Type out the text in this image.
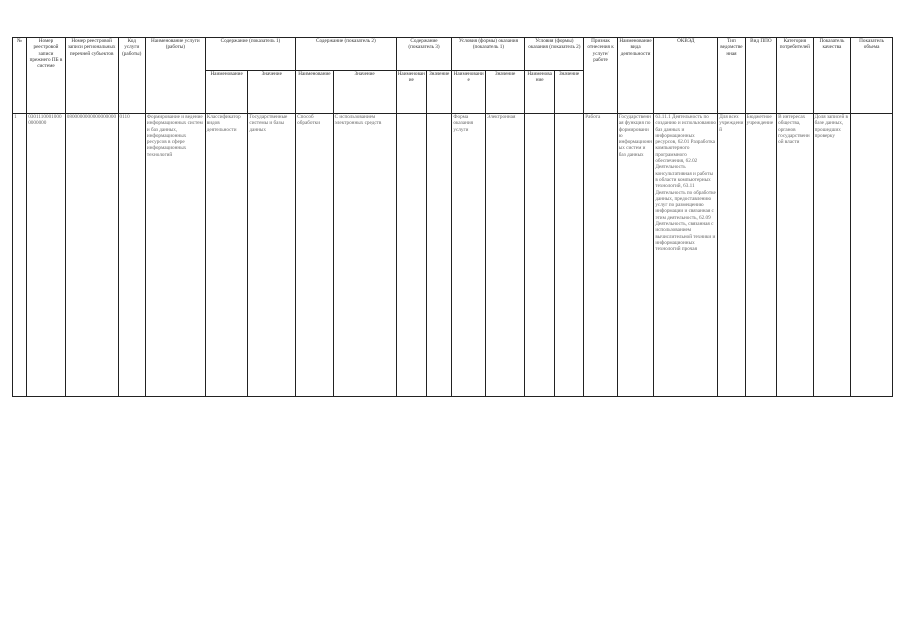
№	Номер реестровой записи прежнего ПБ в системе	Номер реестровой записи региональных перечней субъектов	Код услуги (работы)	Наименование услуги (работы)	Содержание (показатель 1)		Содержание (показатель 2)		Содержание (показатель 3)		Условия (формы) оказания (показатель 1)		Условия (формы) оказания (показатель 2)		Признак отнесения к услуге/работе	Наименование вида деятельности	ОКВЭД	Тип ведомственная	Вид ППО	Категория потребителей	Показатель качества	Показатель объема
					Наименование	Значение	Наименование	Значение	Наименование	Значение	Наименование	Значение	Наименование	Значение								
1	03011100010000000000	0800000000000000000	0110	Формирование и ведение информационных систем и баз данных, информационных ресурсов в сфере информационных технологий	Классификатор видов деятельности	Государственные системы и базы данных	Способ обработки	С использованием электронных средств			Форма оказания услуги	Электронная			Работа	Государственная функция по формированию информационных систем и баз данных	63.11.1 Деятельность по созданию и использованию баз данных и информационных ресурсов, 62.01 Разработка компьютерного программного обеспечения, 62.02 Деятельность консультативная и работы в области компьютерных технологий, 63.11 Деятельность по обработке данных, предоставлению услуг по размещению информации и связанная с этим деятельность, 62.09 Деятельность, связанная с использованием вычислительной техники и информационных технологий прочая	Для всех учреждений	Бюджетное учреждение	В интересах общества, органов государственной власти	Доля записей в базе данных, прошедших проверку	
